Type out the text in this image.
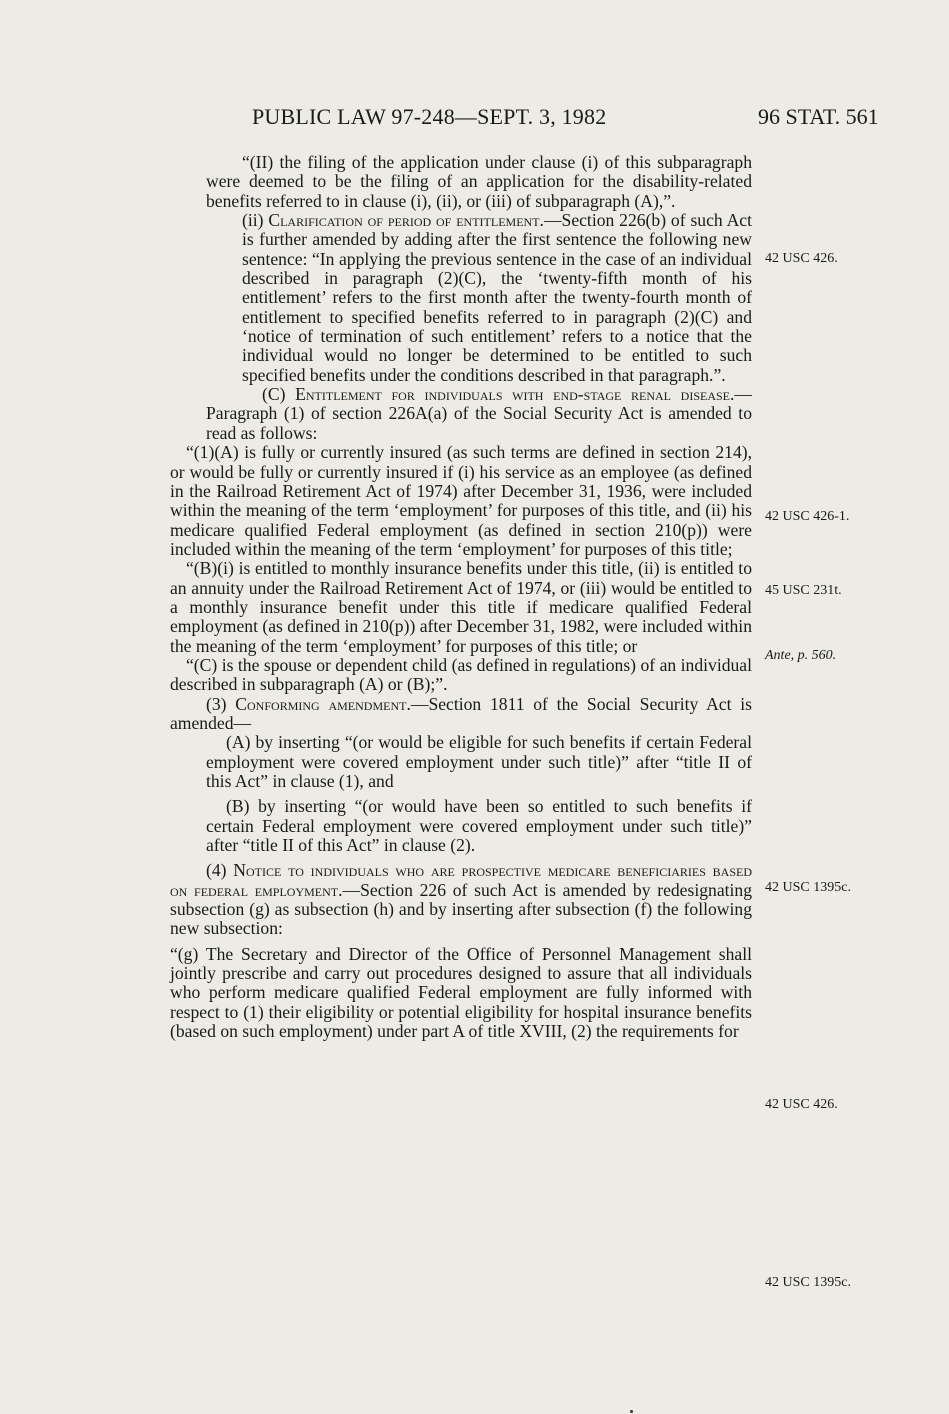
PUBLIC LAW 97-248—SEPT. 3, 1982	96 STAT. 561

“(II) the filing of the application under clause (i) of this subparagraph were deemed to be the filing of an application for the disability-related benefits referred to in clause (i), (ii), or (iii) of subparagraph (A),”.

(ii) Clarification of period of entitlement.—Section 226(b) of such Act is further amended by adding after the first sentence the following new sentence: “In applying the previous sentence in the case of an individual described in paragraph (2)(C), the ‘twenty-fifth month of his entitlement’ refers to the first month after the twenty-fourth month of entitlement to specified benefits referred to in paragraph (2)(C) and ‘notice of termination of such entitlement’ refers to a notice that the individual would no longer be determined to be entitled to such specified benefits under the conditions described in that paragraph.”.

(C) Entitlement for individuals with end-stage renal disease.—Paragraph (1) of section 226A(a) of the Social Security Act is amended to read as follows:

“(1)(A) is fully or currently insured (as such terms are defined in section 214), or would be fully or currently insured if (i) his service as an employee (as defined in the Railroad Retirement Act of 1974) after December 31, 1936, were included within the meaning of the term ‘employment’ for purposes of this title, and (ii) his medicare qualified Federal employment (as defined in section 210(p)) were included within the meaning of the term ‘employment’ for purposes of this title;

“(B)(i) is entitled to monthly insurance benefits under this title, (ii) is entitled to an annuity under the Railroad Retirement Act of 1974, or (iii) would be entitled to a monthly insurance benefit under this title if medicare qualified Federal employment (as defined in 210(p)) after December 31, 1982, were included within the meaning of the term ‘employment’ for purposes of this title; or

“(C) is the spouse or dependent child (as defined in regulations) of an individual described in subparagraph (A) or (B);”.

(3) Conforming amendment.—Section 1811 of the Social Security Act is amended—

(A) by inserting “(or would be eligible for such benefits if certain Federal employment were covered employment under such title)” after “title II of this Act” in clause (1), and

(B) by inserting “(or would have been so entitled to such benefits if certain Federal employment were covered employment under such title)” after “title II of this Act” in clause (2).

(4) Notice to individuals who are prospective medicare beneficiaries based on federal employment.—Section 226 of such Act is amended by redesignating subsection (g) as subsection (h) and by inserting after subsection (f) the following new subsection:

“(g) The Secretary and Director of the Office of Personnel Management shall jointly prescribe and carry out procedures designed to assure that all individuals who perform medicare qualified Federal employment are fully informed with respect to (1) their eligibility or potential eligibility for hospital insurance benefits (based on such employment) under part A of title XVIII, (2) the requirements for

42 USC 426.
42 USC 426-1.
45 USC 231t.
Ante, p. 560.
42 USC 1395c.
42 USC 426.
42 USC 1395c.
